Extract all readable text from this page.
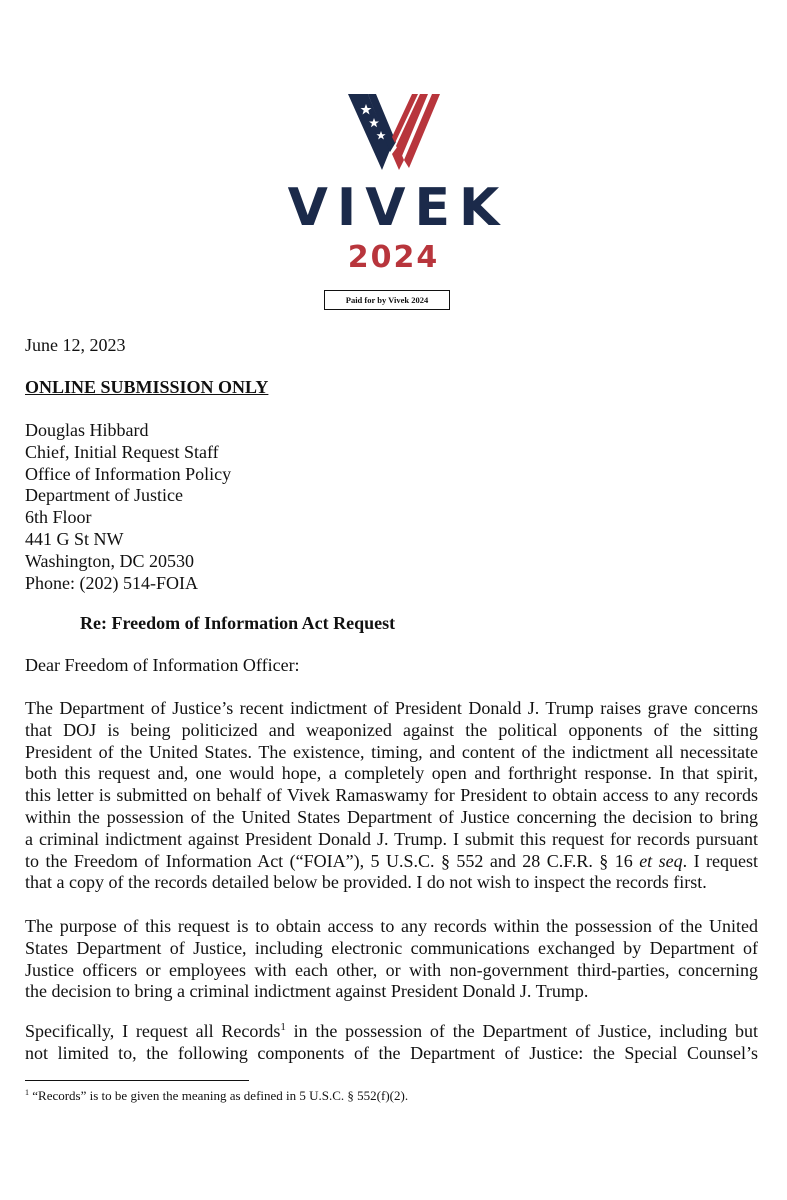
VIVEK
2024
Paid for by Vivek 2024
June 12, 2023
ONLINE SUBMISSION ONLY
Douglas Hibbard
Chief, Initial Request Staff
Office of Information Policy
Department of Justice
6th Floor
441 G St NW
Washington, DC 20530
Phone: (202) 514-FOIA
Re: Freedom of Information Act Request
Dear Freedom of Information Officer:
The Department of Justice’s recent indictment of President Donald J. Trump raises grave concerns
that DOJ is being politicized and weaponized against the political opponents of the sitting
President of the United States. The existence, timing, and content of the indictment all necessitate
both this request and, one would hope, a completely open and forthright response. In that spirit,
this letter is submitted on behalf of Vivek Ramaswamy for President to obtain access to any records
within the possession of the United States Department of Justice concerning the decision to bring
a criminal indictment against President Donald J. Trump. I submit this request for records pursuant
to the Freedom of Information Act (“FOIA”), 5 U.S.C. § 552 and 28 C.F.R. § 16 et seq. I request
that a copy of the records detailed below be provided. I do not wish to inspect the records first.
The purpose of this request is to obtain access to any records within the possession of the United
States Department of Justice, including electronic communications exchanged by Department of
Justice officers or employees with each other, or with non-government third-parties, concerning
the decision to bring a criminal indictment against President Donald J. Trump.
Specifically, I request all Records$^1$ in the possession of the Department of Justice, including but
not limited to, the following components of the Department of Justice: the Special Counsel’s
$^1$ “Records” is to be given the meaning as defined in 5 U.S.C. § 552(f)(2).
